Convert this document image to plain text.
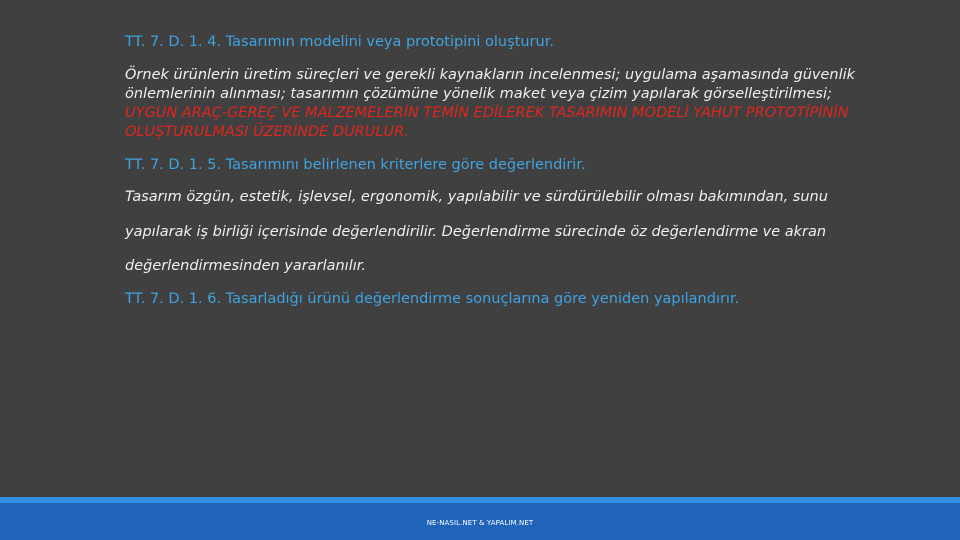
TT. 7. D. 1. 4. Tasarımın modelini veya prototipini oluşturur.
Örnek ürünlerin üretim süreçleri ve gerekli kaynakların incelenmesi; uygulama aşamasında güvenlik önlemlerinin alınması; tasarımın çözümüne yönelik maket veya çizim yapılarak görselleştirilmesi; UYGUN ARAÇ-GEREÇ VE MALZEMELERİN TEMİN EDİLEREK TASARIMIN MODELİ YAHUT PROTOTİPİNİN OLUŞTURULMASI ÜZERİNDE DURULUR.
TT. 7. D. 1. 5. Tasarımını belirlenen kriterlere göre değerlendirir.
Tasarım özgün, estetik, işlevsel, ergonomik, yapılabilir ve sürdürülebilir olması bakımından, sunu
yapılarak iş birliği içerisinde değerlendirilir. Değerlendirme sürecinde öz değerlendirme ve akran
değerlendirmesinden yararlanılır.
TT. 7. D. 1. 6. Tasarladığı ürünü değerlendirme sonuçlarına göre yeniden yapılandırır.
NE-NASIL.NET & YAPALIM.NET
